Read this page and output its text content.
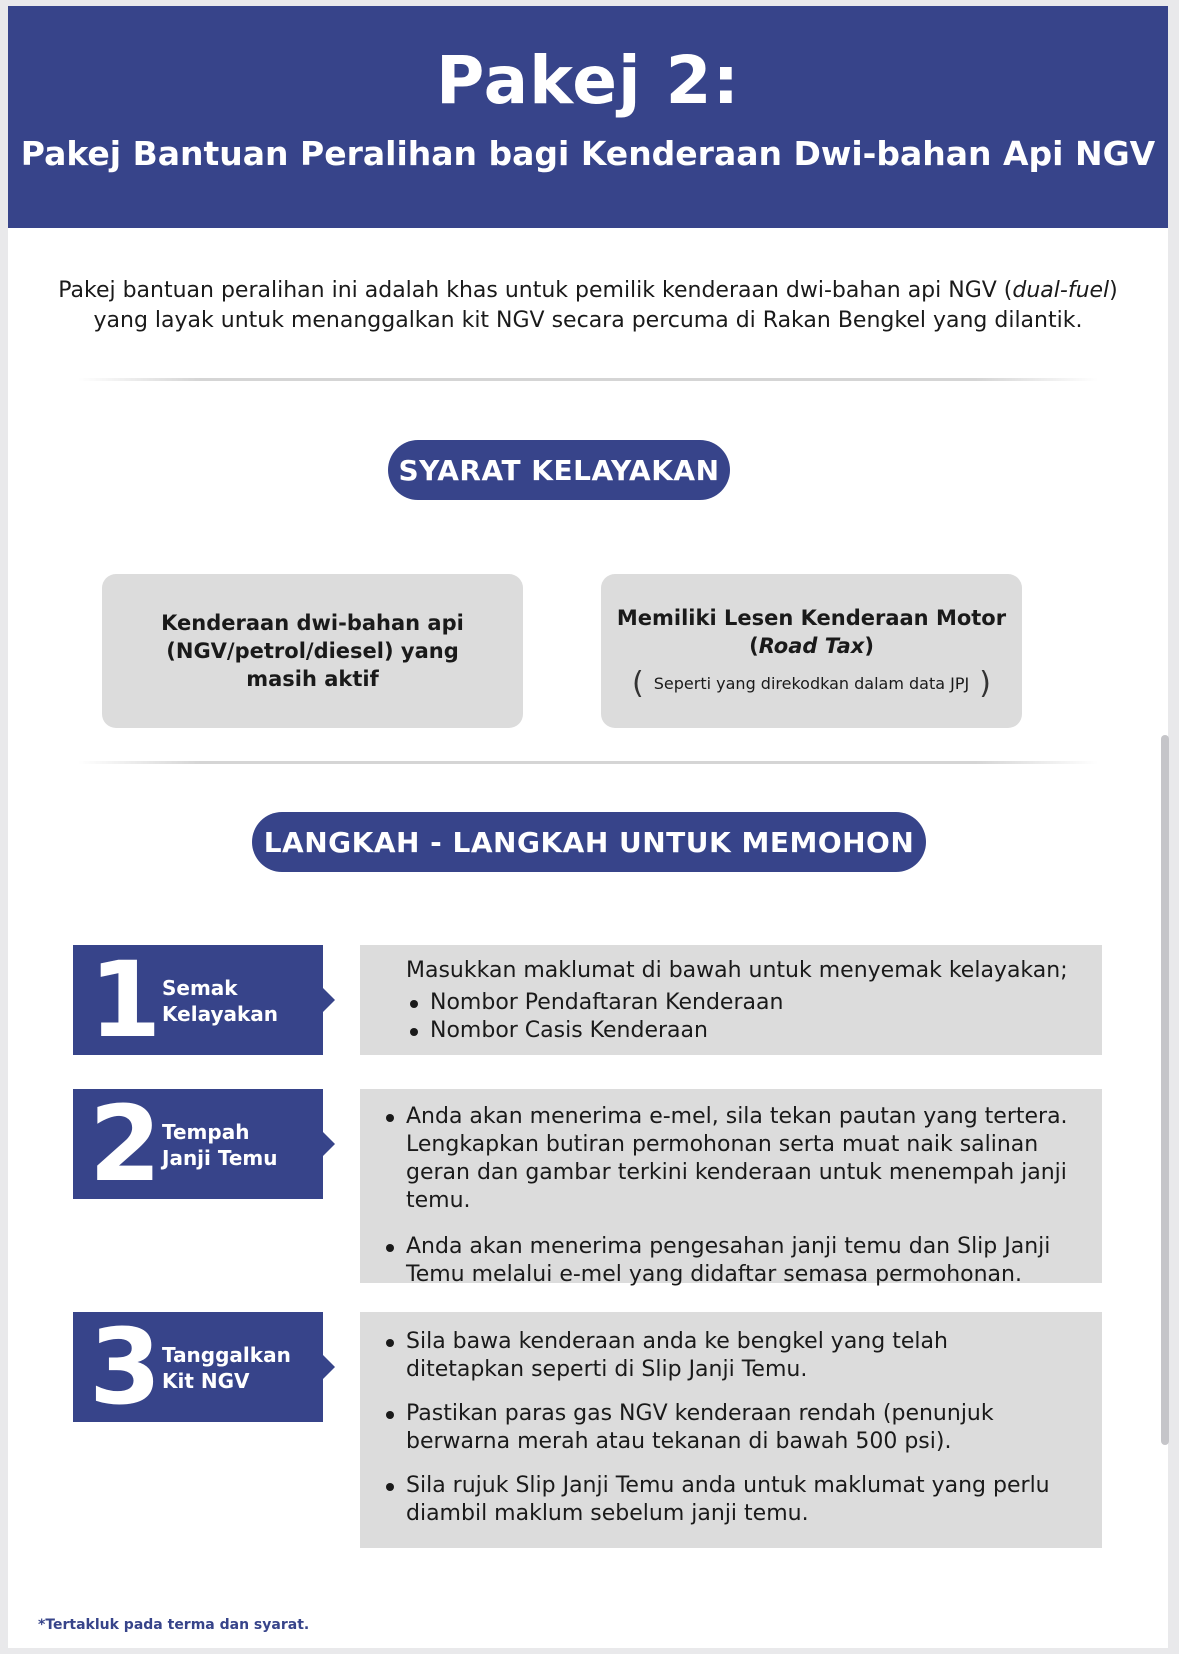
Pakej 2:
Pakej Bantuan Peralihan bagi Kenderaan Dwi-bahan Api NGV

Pakej bantuan peralihan ini adalah khas untuk pemilik kenderaan dwi-bahan api NGV (dual-fuel)

yang layak untuk menanggalkan kit NGV secara percuma di Rakan Bengkel yang dilantik.

SYARAT KELAYAKAN
Kenderaan dwi-bahan api
(NGV/petrol/diesel) yang
masih aktif
Memiliki Lesen Kenderaan Motor
(Road Tax)
( Seperti yang direkodkan dalam data JPJ )
LANGKAH - LANGKAH UNTUK MEMOHON
1 Semak
Kelayakan
Masukkan maklumat di bawah untuk menyemak kelayakan;
Nombor Pendaftaran Kenderaan
Nombor Casis Kenderaan
2 Tempah
Janji Temu
Anda akan menerima e-mel, sila tekan pautan yang tertera. Lengkapkan butiran permohonan serta muat naik salinan geran dan gambar terkini kenderaan untuk menempah janji temu.
Anda akan menerima pengesahan janji temu dan Slip Janji Temu melalui e-mel yang didaftar semasa permohonan.
3 Tanggalkan
Kit NGV
Sila bawa kenderaan anda ke bengkel yang telah ditetapkan seperti di Slip Janji Temu.
Pastikan paras gas NGV kenderaan rendah (penunjuk berwarna merah atau tekanan di bawah 500 psi).
Sila rujuk Slip Janji Temu anda untuk maklumat yang perlu diambil maklum sebelum janji temu.
*Tertakluk pada terma dan syarat.
